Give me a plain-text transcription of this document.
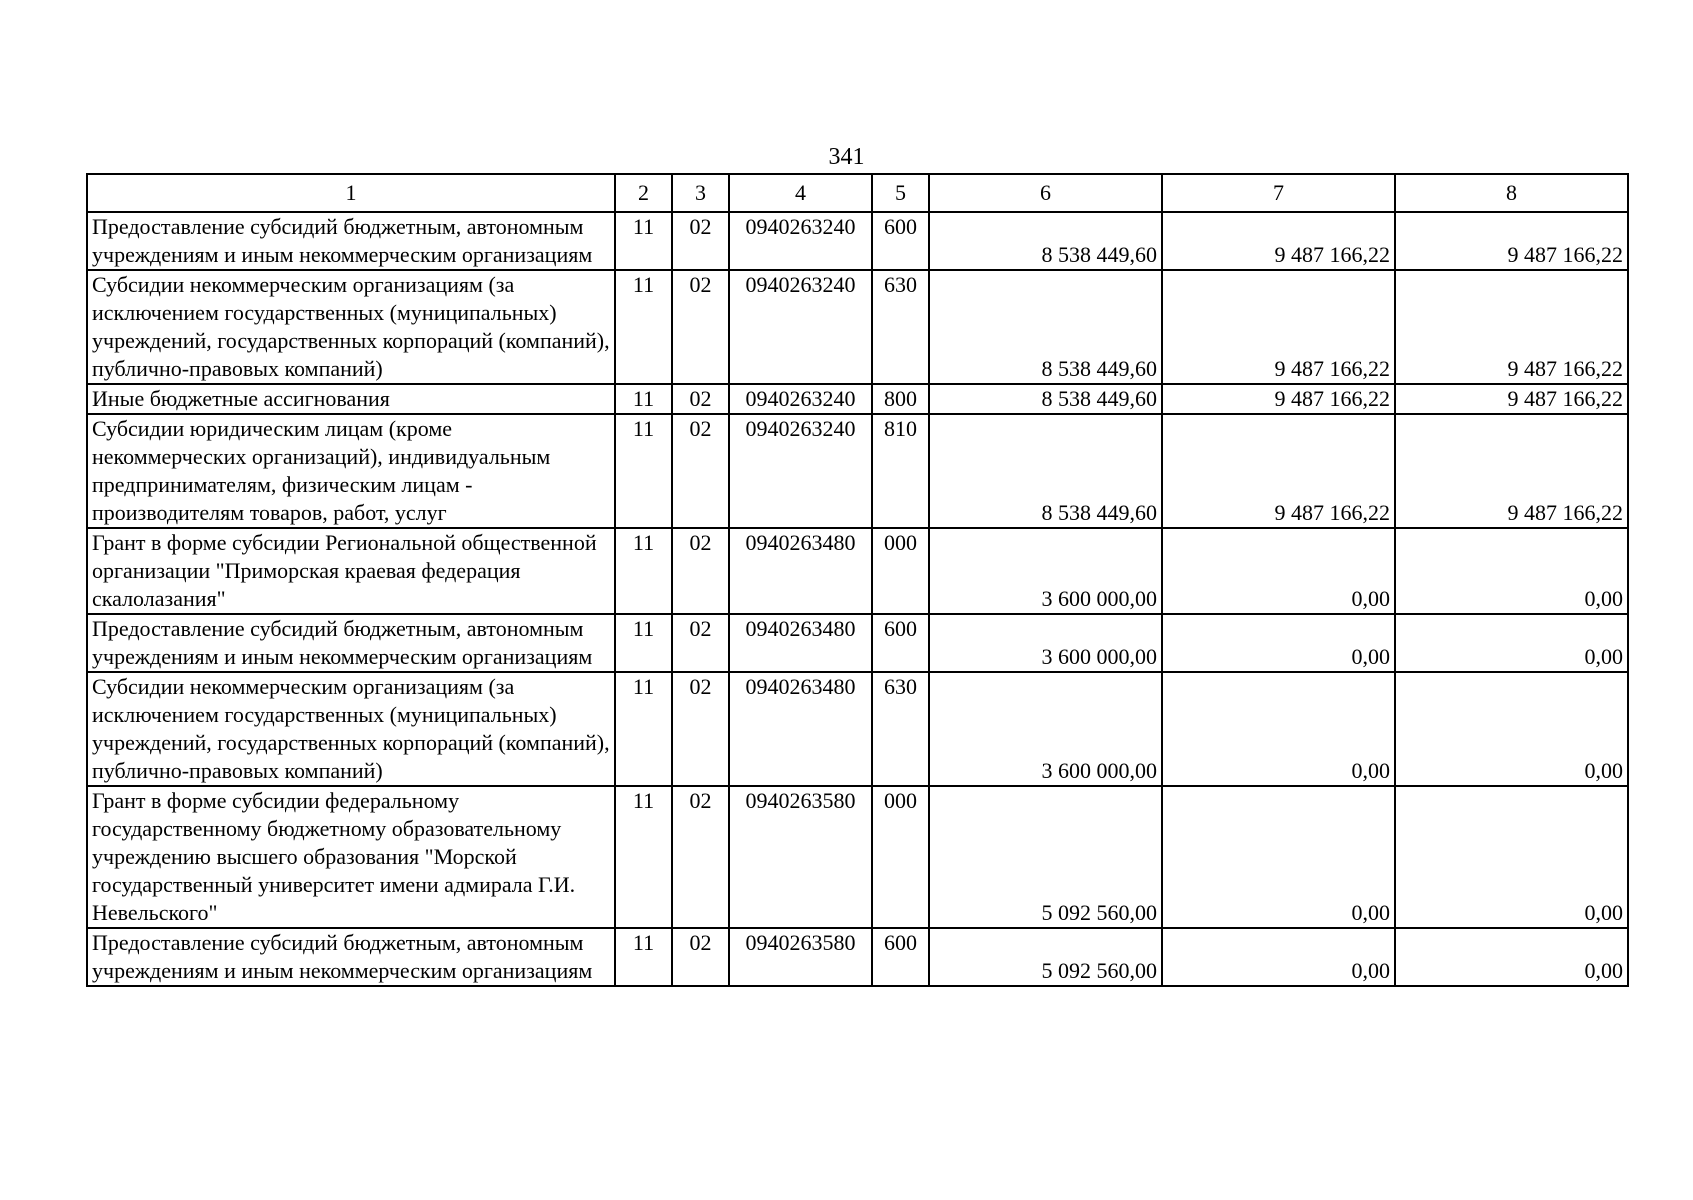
341
1	2	3	4	5	6	7	8
Предоставление субсидий бюджетным, автономным учреждениям и иным некоммерческим организациям	11	02	0940263240	600	8 538 449,60	9 487 166,22	9 487 166,22
Субсидии некоммерческим организациям (за исключением государственных (муниципальных) учреждений, государственных корпораций (компаний), публично-правовых компаний)	11	02	0940263240	630	8 538 449,60	9 487 166,22	9 487 166,22
Иные бюджетные ассигнования	11	02	0940263240	800	8 538 449,60	9 487 166,22	9 487 166,22
Субсидии юридическим лицам (кроме некоммерческих организаций), индивидуальным предпринимателям, физическим лицам - производителям товаров, работ, услуг	11	02	0940263240	810	8 538 449,60	9 487 166,22	9 487 166,22
Грант в форме субсидии Региональной общественной организации "Приморская краевая федерация скалолазания"	11	02	0940263480	000	3 600 000,00	0,00	0,00
Предоставление субсидий бюджетным, автономным учреждениям и иным некоммерческим организациям	11	02	0940263480	600	3 600 000,00	0,00	0,00
Субсидии некоммерческим организациям (за исключением государственных (муниципальных) учреждений, государственных корпораций (компаний), публично-правовых компаний)	11	02	0940263480	630	3 600 000,00	0,00	0,00
Грант в форме субсидии федеральному государственному бюджетному образовательному учреждению высшего образования "Морской государственный университет имени адмирала Г.И. Невельского"	11	02	0940263580	000	5 092 560,00	0,00	0,00
Предоставление субсидий бюджетным, автономным учреждениям и иным некоммерческим организациям	11	02	0940263580	600	5 092 560,00	0,00	0,00
